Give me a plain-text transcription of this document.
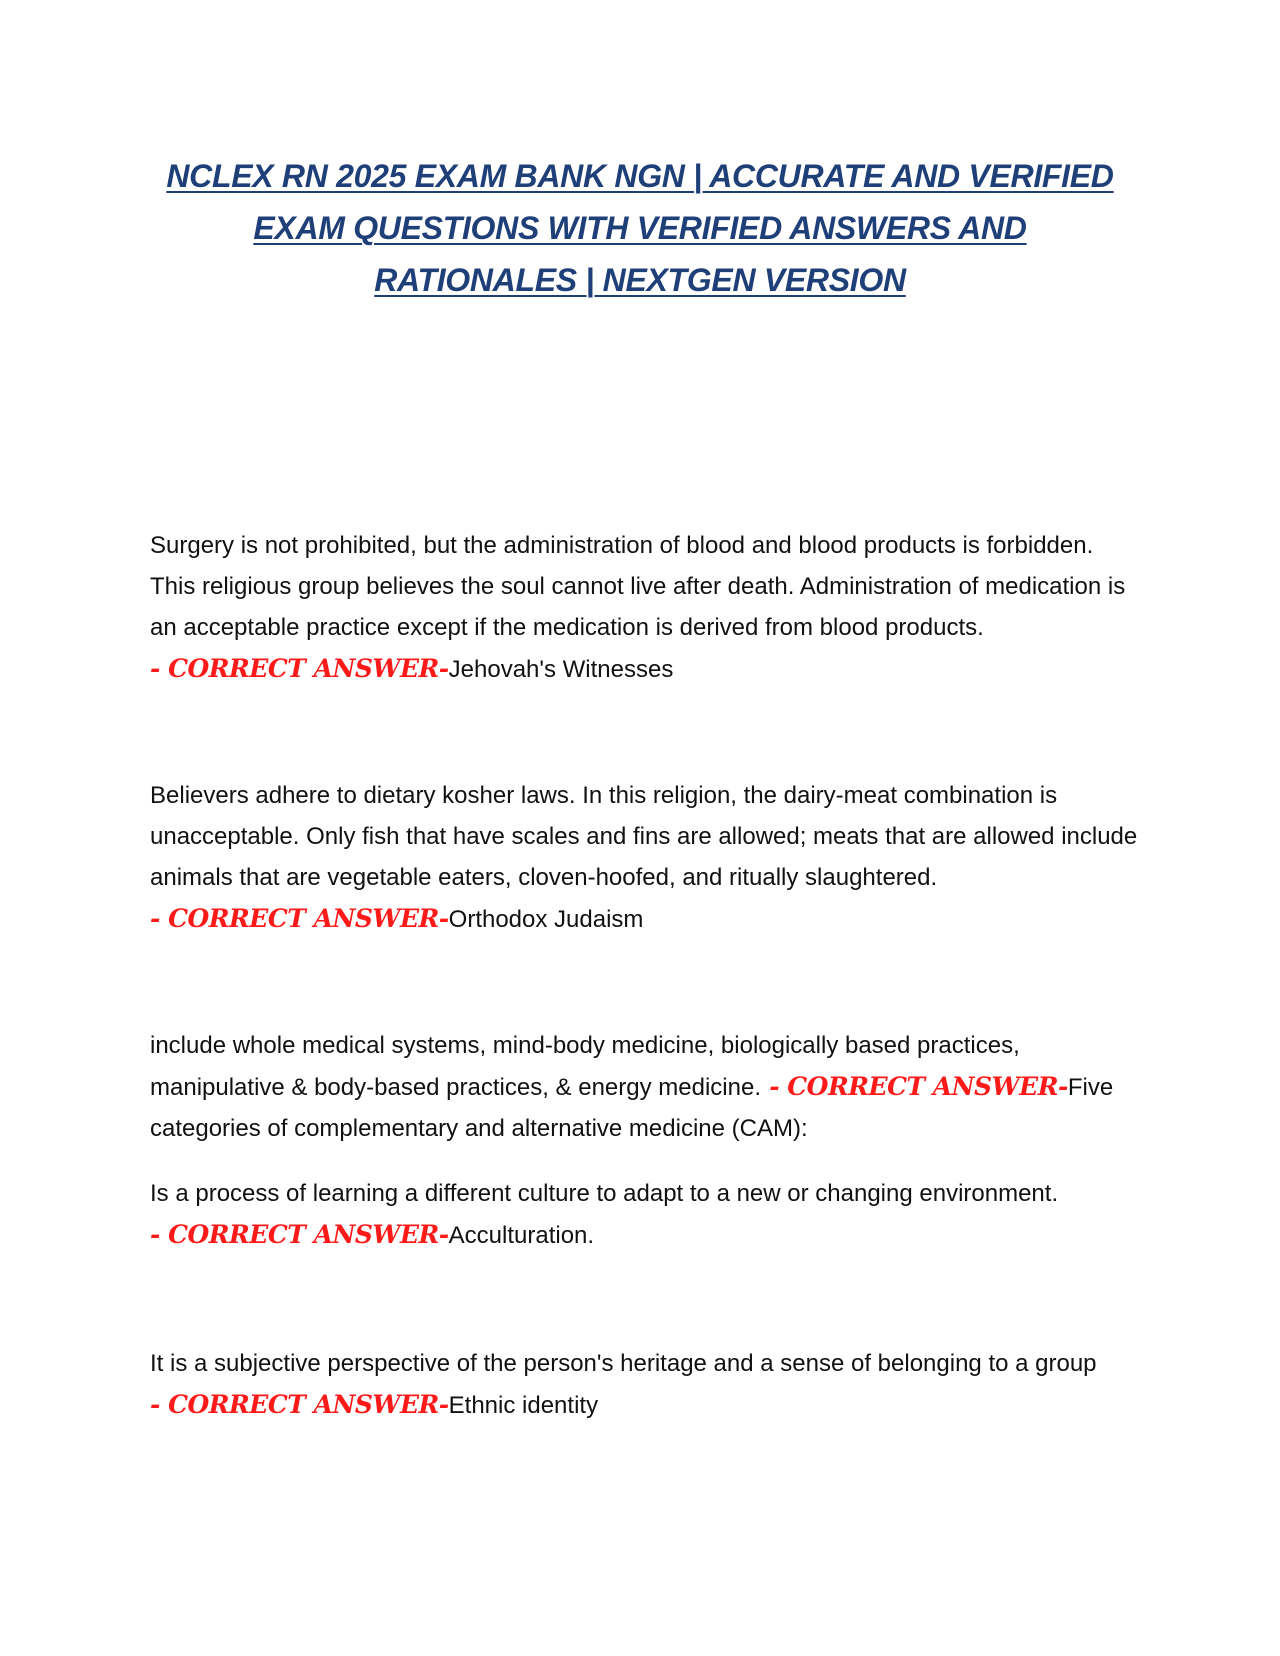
NCLEX RN 2025 EXAM BANK NGN | ACCURATE AND VERIFIED
EXAM QUESTIONS WITH VERIFIED ANSWERS AND
RATIONALES | NEXTGEN VERSION
Surgery is not prohibited, but the administration of blood and blood products is forbidden. This religious group believes the soul cannot live after death. Administration of medication is an acceptable practice except if the medication is derived from blood products. - CORRECT ANSWER-Jehovah's Witnesses
Believers adhere to dietary kosher laws. In this religion, the dairy-meat combination is unacceptable. Only fish that have scales and fins are allowed; meats that are allowed include animals that are vegetable eaters, cloven-hoofed, and ritually slaughtered. - CORRECT ANSWER-Orthodox Judaism
include whole medical systems, mind-body medicine, biologically based practices, manipulative & body-based practices, & energy medicine. - CORRECT ANSWER-Five categories of complementary and alternative medicine (CAM):
Is a process of learning a different culture to adapt to a new or changing environment. - CORRECT ANSWER-Acculturation.
It is a subjective perspective of the person's heritage and a sense of belonging to a group - CORRECT ANSWER-Ethnic identity
